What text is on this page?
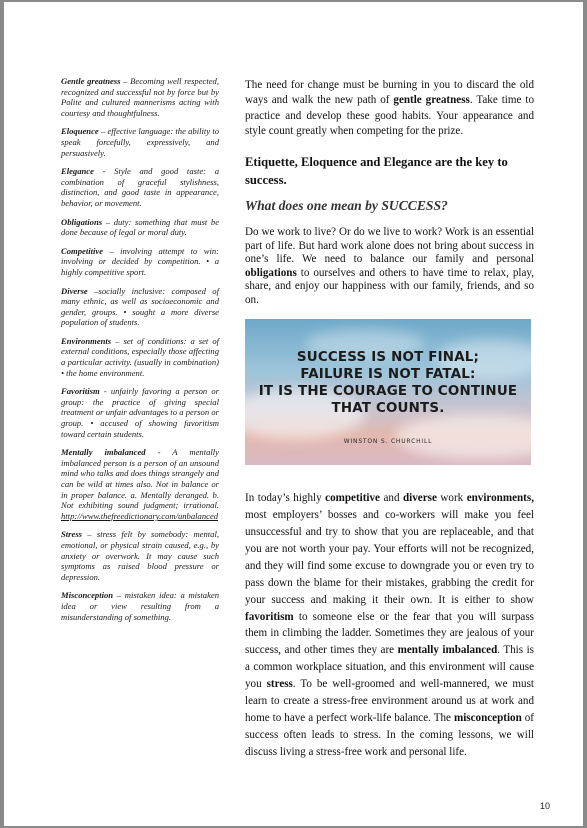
Gentle greatness – Becoming well respected, recognized and successful not by force but by Polite and cultured mannerisms acting with courtesy and thoughtfulness.
Eloquence – effective language: the ability to speak forcefully, expressively, and persuasively.
Elegance - Style and good taste: a combination of graceful stylishness, distinction, and good taste in appearance, behavior, or movement.
Obligations – duty: something that must be done because of legal or moral duty.
Competitive – involving attempt to win: involving or decided by competition. • a highly competitive sport.
Diverse –socially inclusive: composed of many ethnic, as well as socioeconomic and gender, groups. • sought a more diverse population of students.
Environments – set of conditions: a set of external conditions, especially those affecting a particular activity. (usually in combination) • the home environment.
Favoritism - unfairly favoring a person or group: the practice of giving special treatment or unfair advantages to a person or group. • accused of showing favoritism toward certain students.
Mentally imbalanced - A mentally imbalanced person is a person of an unsound mind who talks and does things strangely and can be wild at times also. Not in balance or in proper balance. a. Mentally deranged. b. Not exhibiting sound judgment; irrational. http://www.thefreedictionary.com/unbalanced
Stress – stress felt by somebody: mental, emotional, or physical strain caused, e.g., by anxiety or overwork. It may cause such symptoms as raised blood pressure or depression.
Misconception – mistaken idea: a mistaken idea or view resulting from a misunderstanding of something.

The need for change must be burning in you to discard the old ways and walk the new path of gentle greatness. Take time to practice and develop these good habits. Your appearance and style count greatly when competing for the prize.

Etiquette, Eloquence and Elegance are the key to success.
What does one mean by SUCCESS?

Do we work to live? Or do we live to work? Work is an essential part of life. But hard work alone does not bring about success in one’s life. We need to balance our family and personal obligations to ourselves and others to have time to relax, play, share, and enjoy our happiness with our family, friends, and so on.

SUCCESS IS NOT FINAL;
FAILURE IS NOT FATAL:
IT IS THE COURAGE TO CONTINUE
THAT COUNTS.
WINSTON S. CHURCHILL

In today’s highly competitive and diverse work environments, most employers’ bosses and co-workers will make you feel unsuccessful and try to show that you are replaceable, and that you are not worth your pay. Your efforts will not be recognized, and they will find some excuse to downgrade you or even try to pass down the blame for their mistakes, grabbing the credit for your success and making it their own. It is either to show favoritism to someone else or the fear that you will surpass them in climbing the ladder. Sometimes they are jealous of your success, and other times they are mentally imbalanced. This is a common workplace situation, and this environment will cause you stress. To be well-groomed and well-mannered, we must learn to create a stress-free environment around us at work and home to have a perfect work-life balance. The misconception of success often leads to stress. In the coming lessons, we will discuss living a stress-free work and personal life.

10
